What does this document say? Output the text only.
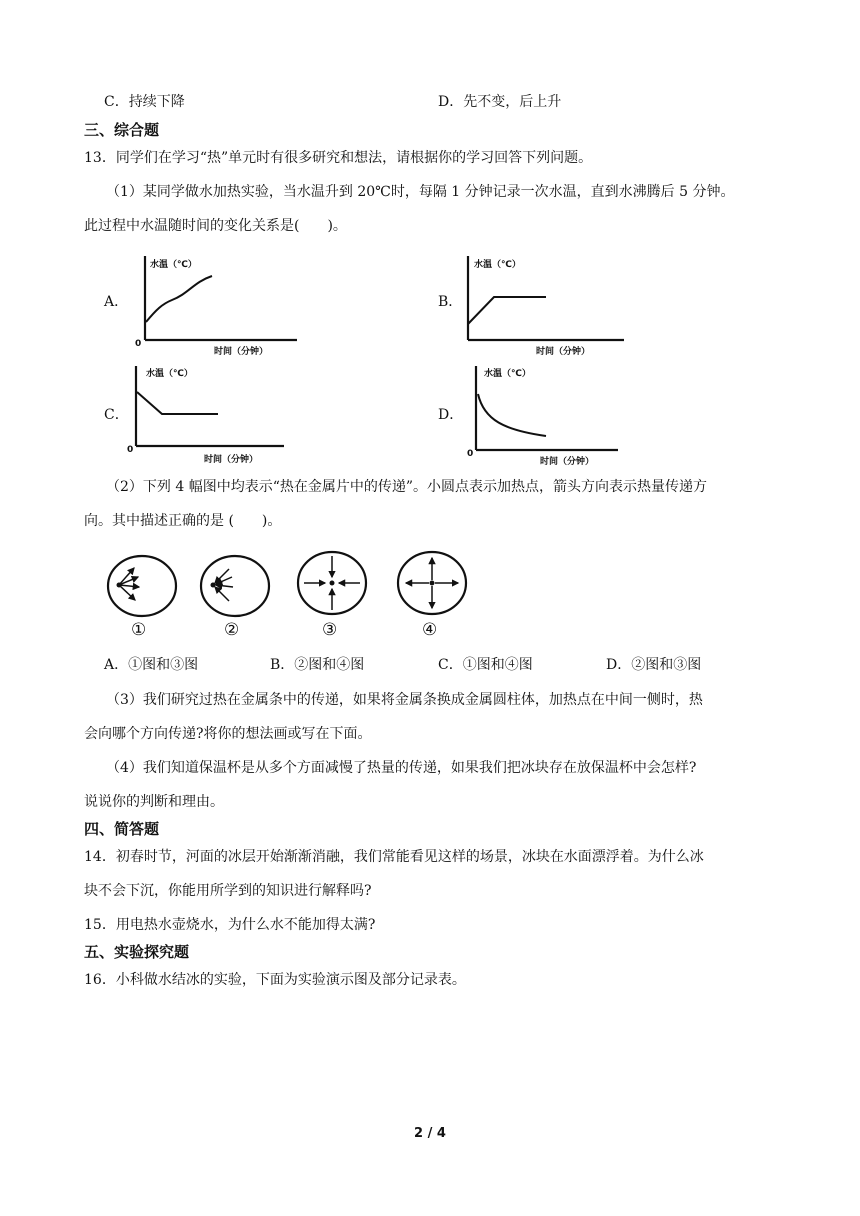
C．持续下降	D．先不变，后上升
三、综合题
13．同学们在学习“热”单元时有很多研究和想法，请根据你的学习回答下列问题。
（1）某同学做水加热实验，当水温升到 20℃时，每隔 1 分钟记录一次水温，直到水沸腾后 5 分钟。
此过程中水温随时间的变化关系是(　　)。
A．	B．
C．	D．
水温（℃）
0
时间（分钟）
水温（℃）
时间（分钟）
水温（℃）
0
时间（分钟）
水温（℃）
0
时间（分钟）
（2）下列 4 幅图中均表示“热在金属片中的传递”。小圆点表示加热点，箭头方向表示热量传递方
向。其中描述正确的是 (　　)。
①	②	③	④
A．①图和③图	B．②图和④图	C．①图和④图	D．②图和③图
（3）我们研究过热在金属条中的传递，如果将金属条换成金属圆柱体，加热点在中间一侧时，热
会向哪个方向传递?将你的想法画或写在下面。
（4）我们知道保温杯是从多个方面减慢了热量的传递，如果我们把冰块存在放保温杯中会怎样?
说说你的判断和理由。
四、简答题
14．初春时节，河面的冰层开始渐渐消融，我们常能看见这样的场景，冰块在水面漂浮着。为什么冰
块不会下沉，你能用所学到的知识进行解释吗?
15．用电热水壶烧水，为什么水不能加得太满?
五、实验探究题
16．小科做水结冰的实验，下面为实验演示图及部分记录表。
2 / 4
